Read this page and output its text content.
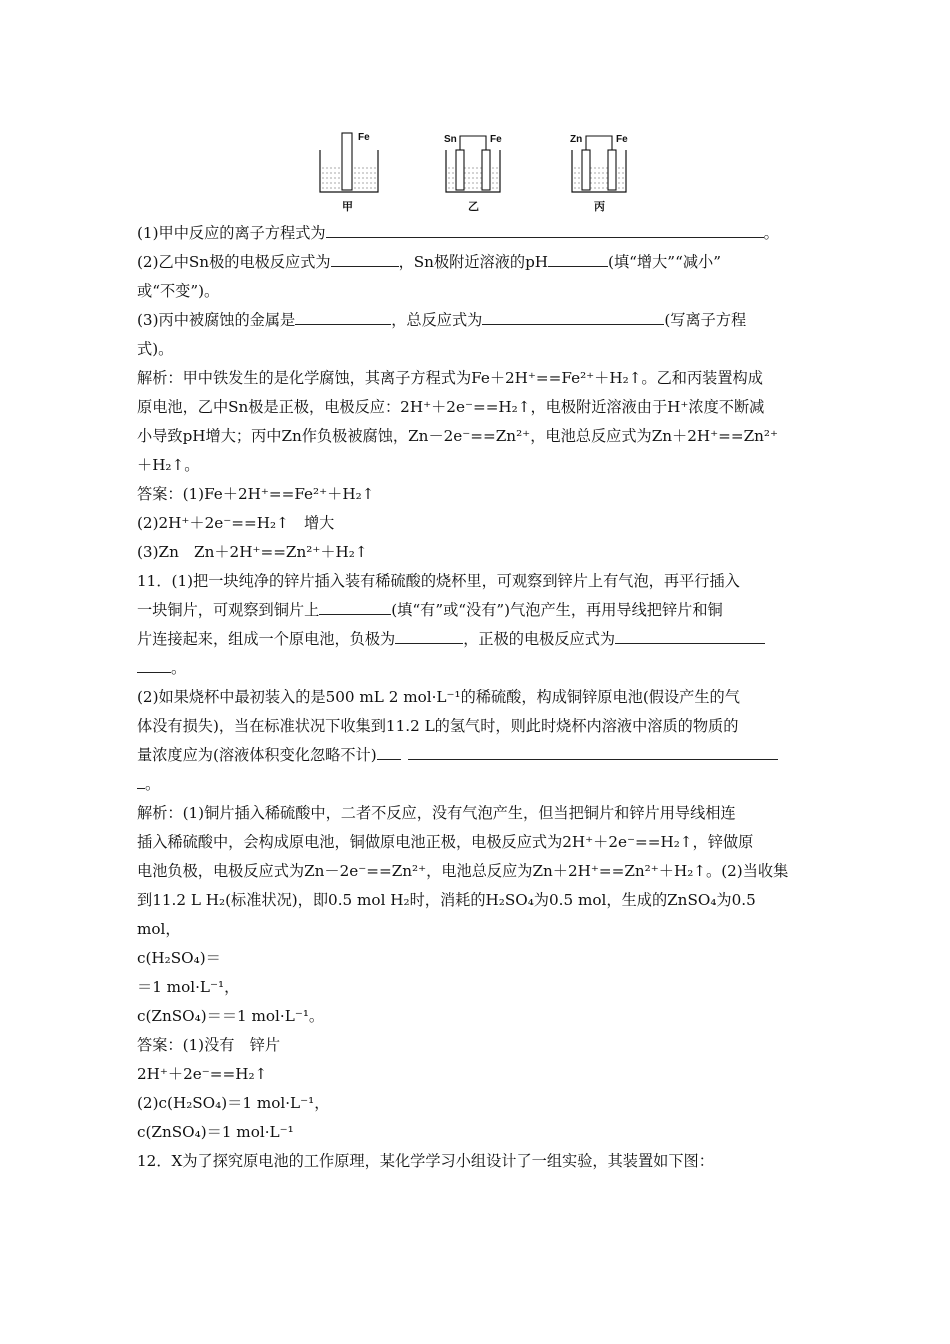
Fe
甲
Sn	Fe
乙
Zn	Fe
丙
(1)甲中反应的离子方程式为	。
(2)乙中Sn极的电极反应式为	，Sn极附近溶液的pH	(填“增大”“减小”
或“不变”)。
(3)丙中被腐蚀的金属是	，总反应式为	(写离子方程
式)。
解析：甲中铁发生的是化学腐蚀，其离子方程式为Fe＋2H⁺==Fe²⁺＋H₂↑。乙和丙装置构成
原电池，乙中Sn极是正极，电极反应：2H⁺＋2e⁻==H₂↑，电极附近溶液由于H⁺浓度不断减
小导致pH增大；丙中Zn作负极被腐蚀，Zn－2e⁻==Zn²⁺，电池总反应式为Zn＋2H⁺==Zn²⁺
＋H₂↑。
答案：(1)Fe＋2H⁺==Fe²⁺＋H₂↑
(2)2H⁺＋2e⁻==H₂↑　增大
(3)Zn　Zn＋2H⁺==Zn²⁺＋H₂↑
11．(1)把一块纯净的锌片插入装有稀硫酸的烧杯里，可观察到锌片上有气泡，再平行插入
一块铜片，可观察到铜片上	(填“有”或“没有”)气泡产生，再用导线把锌片和铜
片连接起来，组成一个原电池，负极为	，正极的电极反应式为
。
(2)如果烧杯中最初装入的是500 mL 2 mol·L⁻¹的稀硫酸，构成铜锌原电池(假设产生的气
体没有损失)，当在标准状况下收集到11.2 L的氢气时，则此时烧杯内溶液中溶质的物质的
量浓度应为(溶液体积变化忽略不计) 
。
解析：(1)铜片插入稀硫酸中，二者不反应，没有气泡产生，但当把铜片和锌片用导线相连
插入稀硫酸中，会构成原电池，铜做原电池正极，电极反应式为2H⁺＋2e⁻==H₂↑，锌做原
电池负极，电极反应式为Zn－2e⁻==Zn²⁺，电池总反应为Zn＋2H⁺==Zn²⁺＋H₂↑。(2)当收集
到11.2 L H₂(标准状况)，即0.5 mol H₂时，消耗的H₂SO₄为0.5 mol，生成的ZnSO₄为0.5
mol，
c(H₂SO₄)＝
＝1 mol·L⁻¹，
c(ZnSO₄)＝＝1 mol·L⁻¹。
答案：(1)没有　锌片
2H⁺＋2e⁻==H₂↑
(2)c(H₂SO₄)＝1 mol·L⁻¹，
c(ZnSO₄)＝1 mol·L⁻¹
12．X为了探究原电池的工作原理，某化学学习小组设计了一组实验，其装置如下图：
